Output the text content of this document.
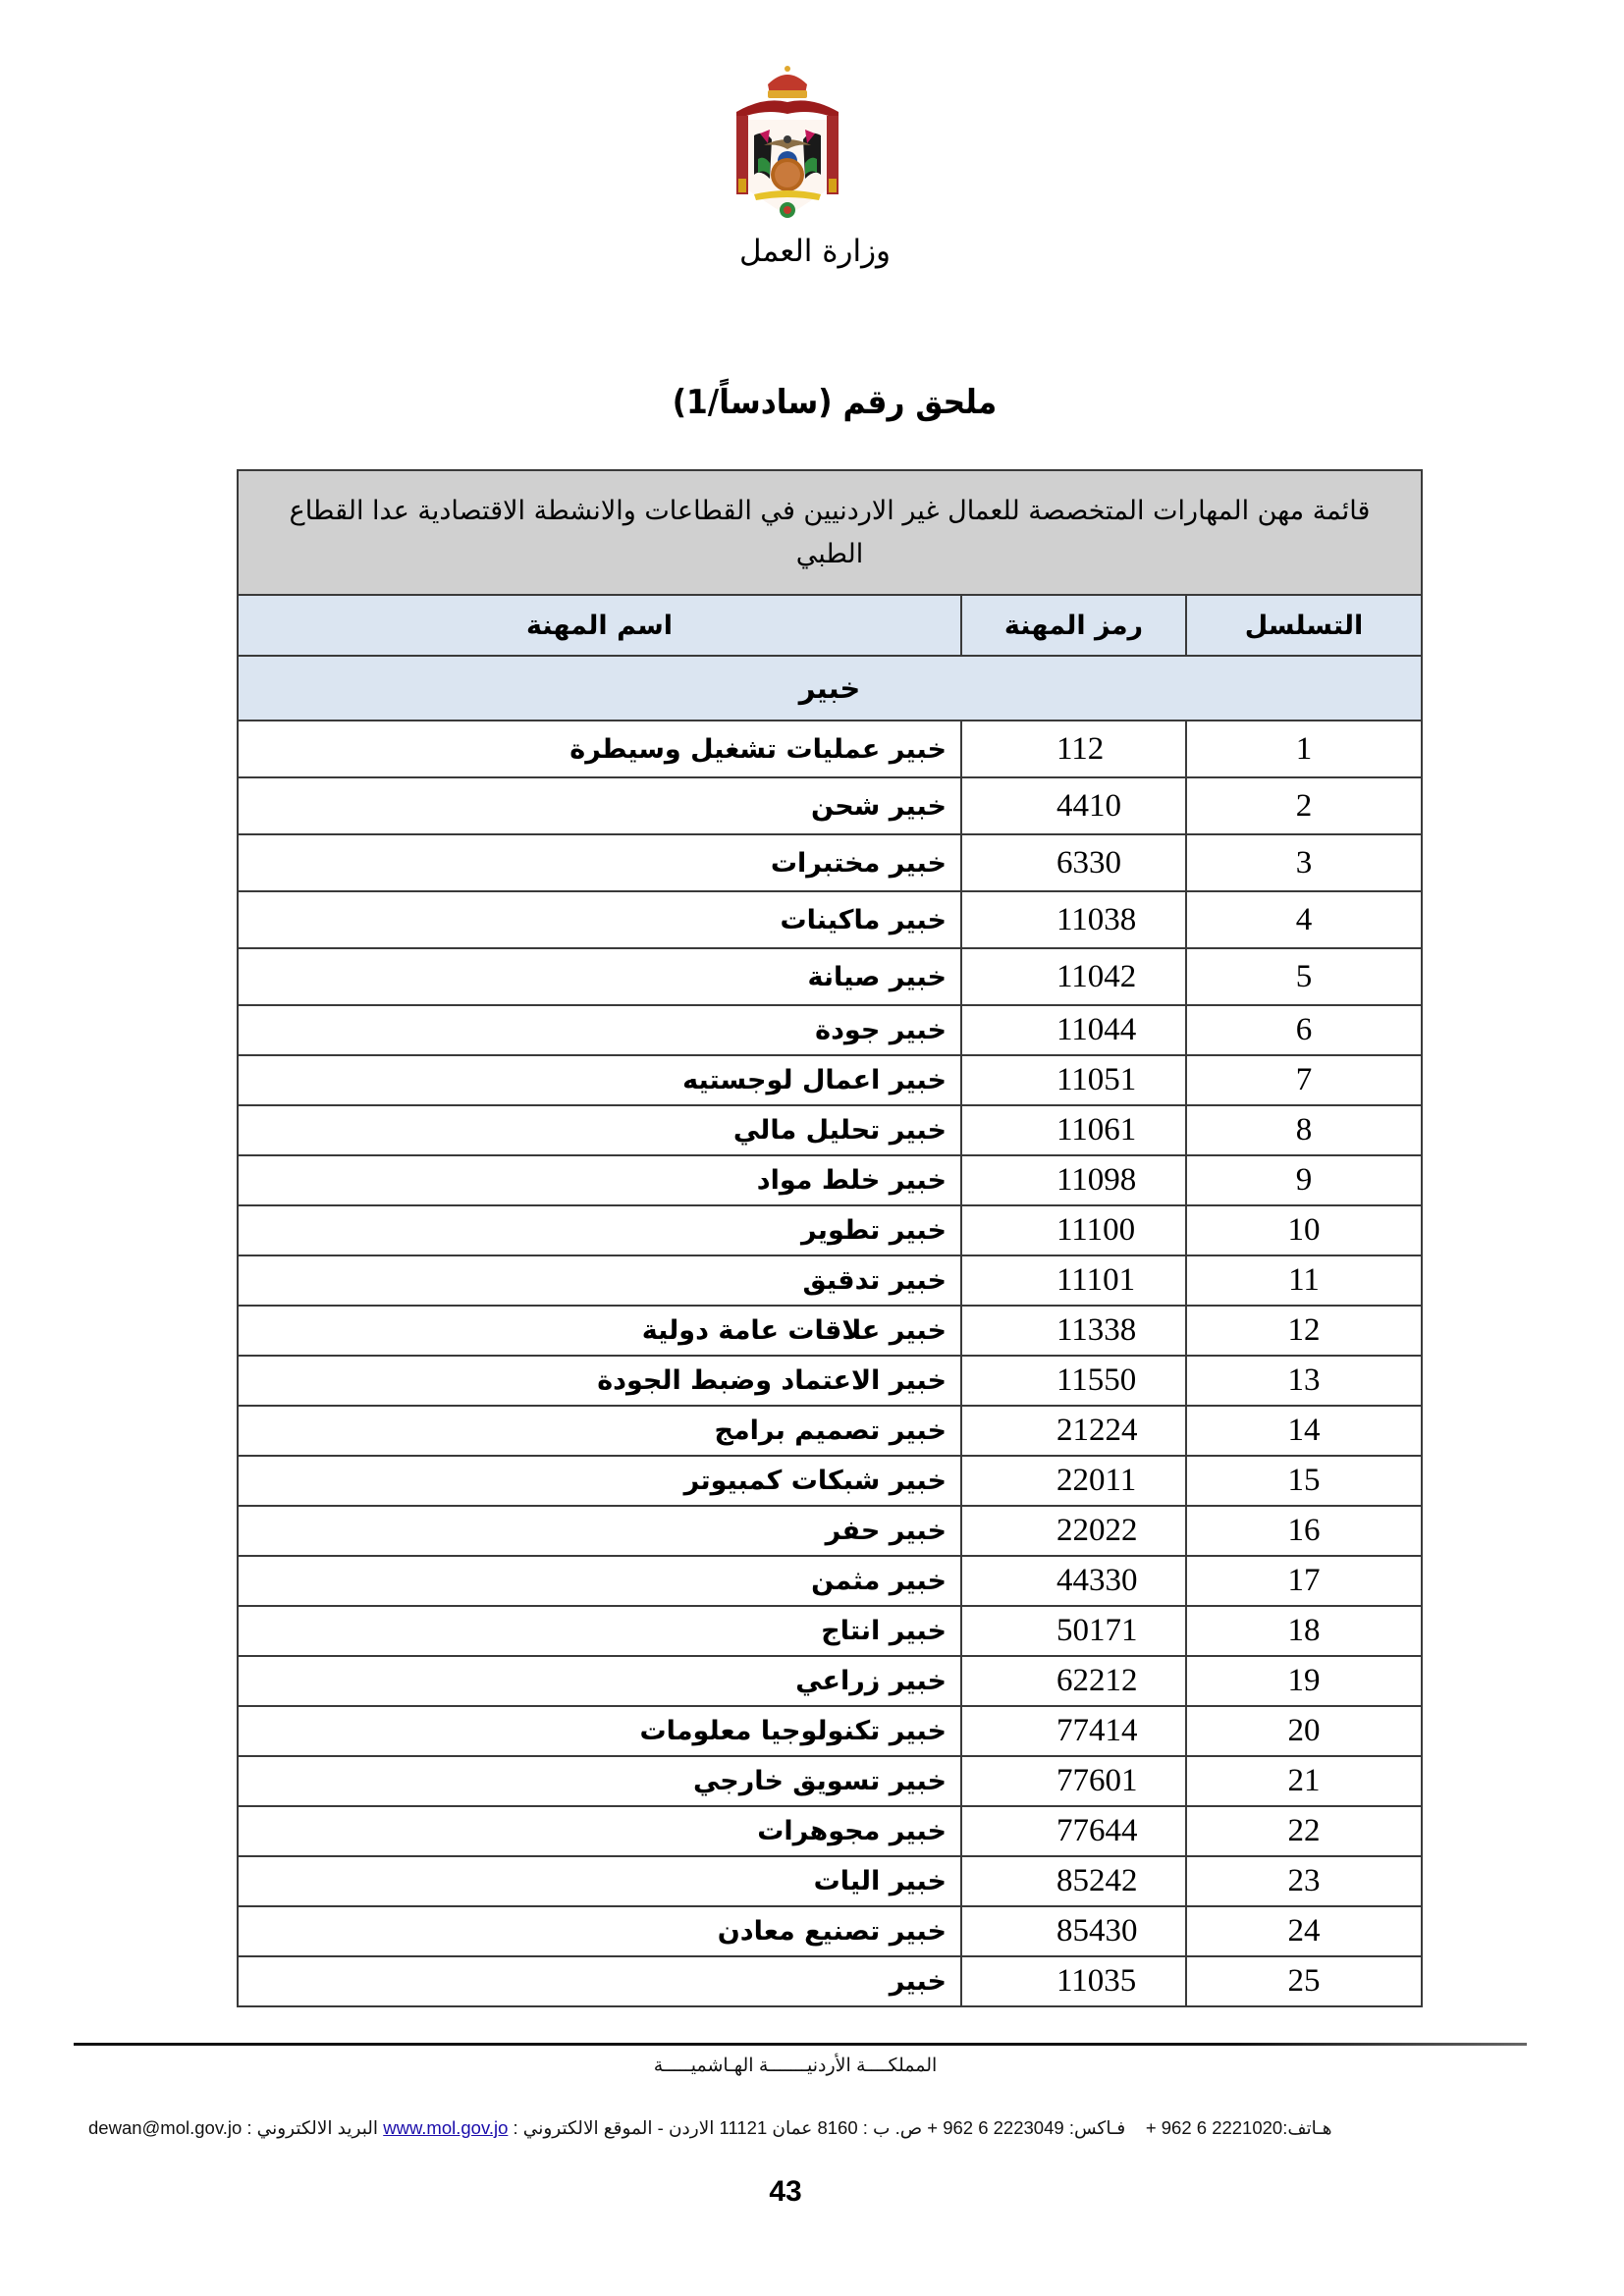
وزارة العمل
ملحق رقم (سادساً/1)
قائمة مهن المهارات المتخصصة للعمال غير الاردنيين في القطاعات والانشطة الاقتصادية عدا القطاع الطبي		
التسلسل	رمز المهنة	اسم المهنة
خبير		
1	112	خبير عمليات تشغيل وسيطرة
2	4410	خبير شحن
3	6330	خبير مختبرات
4	11038	خبير ماكينات
5	11042	خبير صيانة
6	11044	خبير جودة
7	11051	خبير اعمال لوجستيه
8	11061	خبير تحليل مالي
9	11098	خبير خلط مواد
10	11100	خبير تطوير
11	11101	خبير تدقيق
12	11338	خبير علاقات عامة دولية
13	11550	خبير الاعتماد وضبط الجودة
14	21224	خبير تصميم برامج
15	22011	خبير شبكات كمبيوتر
16	22022	خبير حفر
17	44330	خبير مثمن
18	50171	خبير انتاج
19	62212	خبير زراعي
20	77414	خبير تكنولوجيا معلومات
21	77601	خبير تسويق خارجي
22	77644	خبير مجوهرات
23	85242	خبير اليات
24	85430	خبير تصنيع معادن
25	11035	خبير
المملكــــة الأردنيـــــــة الهـاشميـــــة
هـاتف:+ 962 6 2221020    فـاكس: + 962 6 2223049 ص. ب : 8160 عمان 11121 الاردن - الموقع الالكتروني : www.mol.gov.jo البريد الالكتروني : dewan@mol.gov.jo
43
